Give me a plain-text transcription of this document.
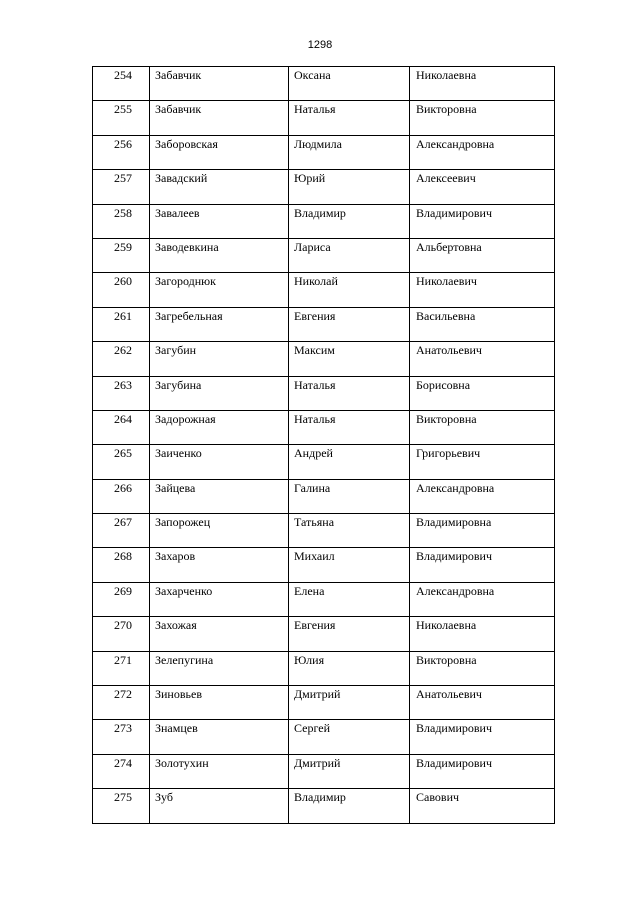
1298
254	Забавчик	Оксана	Николаевна

255	Забавчик	Наталья	Викторовна

256	Заборовская	Людмила	Александровна

257	Завадский	Юрий	Алексеевич

258	Завалеев	Владимир	Владимирович

259	Заводевкина	Лариса	Альбертовна

260	Загороднюк	Николай	Николаевич

261	Загребельная	Евгения	Васильевна

262	Загубин	Максим	Анатольевич

263	Загубина	Наталья	Борисовна

264	Задорожная	Наталья	Викторовна

265	Заиченко	Андрей	Григорьевич

266	Зайцева	Галина	Александровна

267	Запорожец	Татьяна	Владимировна

268	Захаров	Михаил	Владимирович

269	Захарченко	Елена	Александровна

270	Захожая	Евгения	Николаевна

271	Зелепугина	Юлия	Викторовна

272	Зиновьев	Дмитрий	Анатольевич

273	Знамцев	Сергей	Владимирович

274	Золотухин	Дмитрий	Владимирович

275	Зуб	Владимир	Савович
